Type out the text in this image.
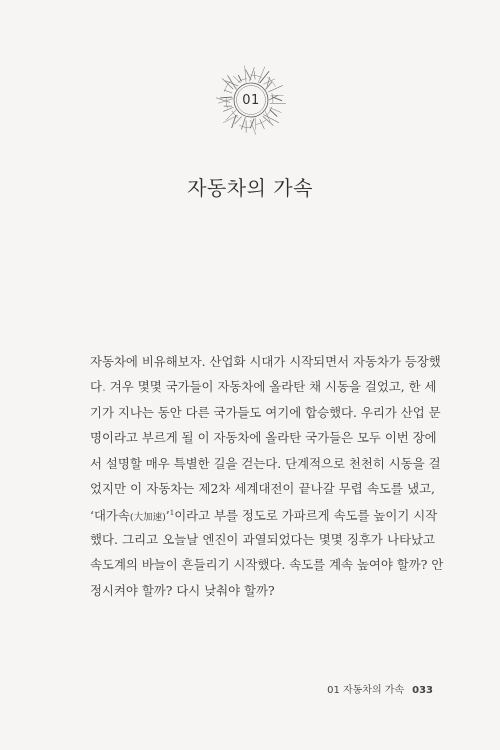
01
자동차의 가속
자동차에 비유해보자. 산업화 시대가 시작되면서 자동차가 등장했
다. 겨우 몇몇 국가들이 자동차에 올라탄 채 시동을 걸었고, 한 세
기가 지나는 동안 다른 국가들도 여기에 합승했다. 우리가 산업 문
명이라고 부르게 될 이 자동차에 올라탄 국가들은 모두 이번 장에
서 설명할 매우 특별한 길을 걷는다. 단계적으로 천천히 시동을 걸
었지만 이 자동차는 제2차 세계대전이 끝나갈 무렵 속도를 냈고,
‘대가속(大加速)’$^1$이라고 부를 정도로 가파르게 속도를 높이기 시작
했다. 그리고 오늘날 엔진이 과열되었다는 몇몇 징후가 나타났고
속도계의 바늘이 흔들리기 시작했다. 속도를 계속 높여야 할까? 안
정시켜야 할까? 다시 낮춰야 할까?
01 자동차의 가속 033
